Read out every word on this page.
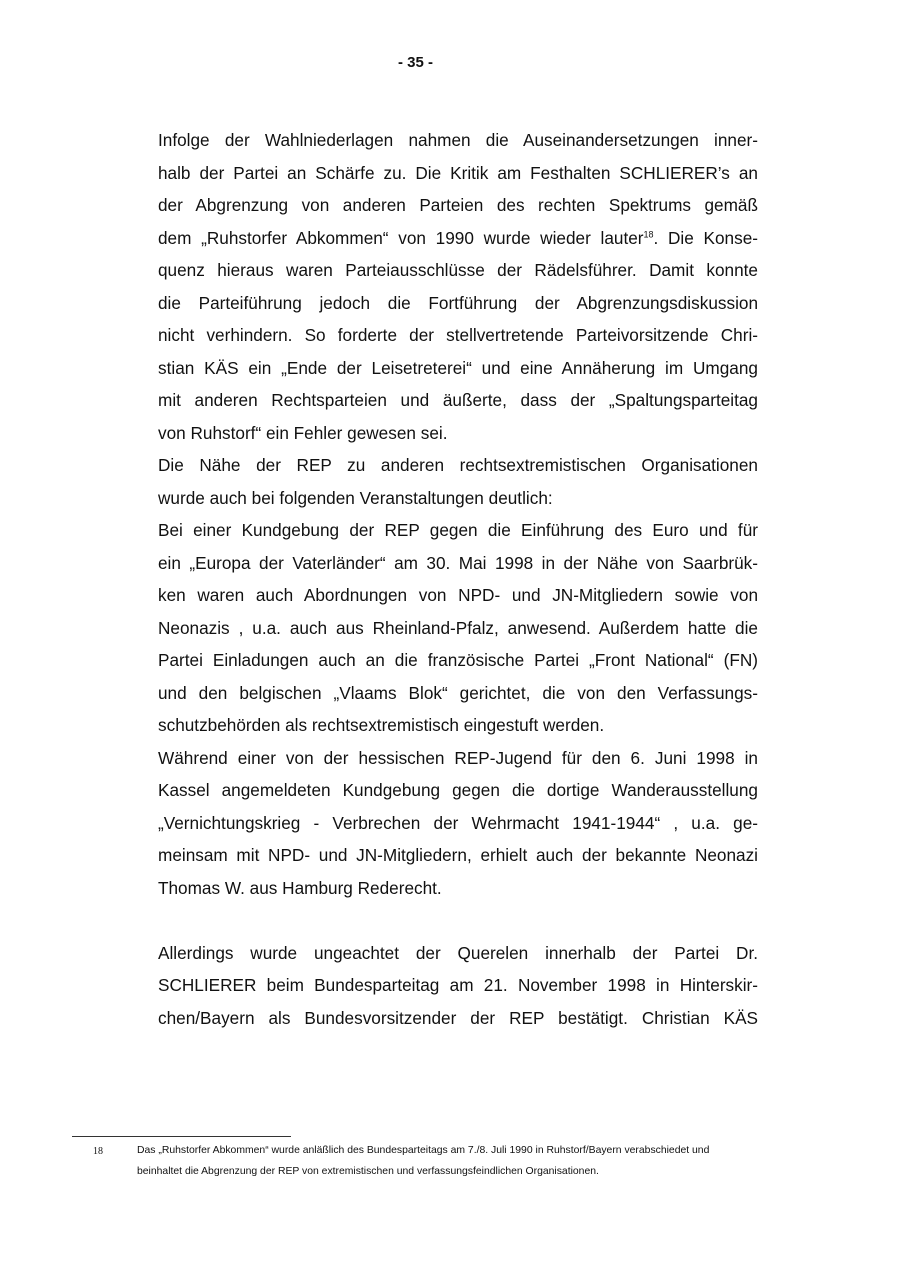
- 35 -
Infolge der Wahlniederlagen nahmen die Auseinandersetzungen inner-
halb der Partei an Schärfe zu. Die Kritik am Festhalten SCHLIERER’s an
der Abgrenzung von anderen Parteien des rechten Spektrums gemäß
dem „Ruhstorfer Abkommen“ von 1990 wurde wieder lauter$^{18}$. Die Konse-
quenz hieraus waren Parteiausschlüsse der Rädelsführer. Damit konnte
die Parteiführung jedoch die Fortführung der Abgrenzungsdiskussion
nicht verhindern. So forderte der stellvertretende Parteivorsitzende Chri-
stian KÄS ein „Ende der Leisetreterei“ und eine Annäherung im Umgang
mit anderen Rechtsparteien und äußerte, dass der „Spaltungsparteitag
von Ruhstorf“ ein Fehler gewesen sei.
Die Nähe der REP zu anderen rechtsextremistischen Organisationen
wurde auch bei folgenden Veranstaltungen deutlich:
Bei einer Kundgebung der REP gegen die Einführung des Euro und für
ein „Europa der Vaterländer“ am 30. Mai 1998 in der Nähe von Saarbrük-
ken waren auch Abordnungen von NPD- und JN-Mitgliedern sowie von
Neonazis , u.a. auch aus Rheinland-Pfalz, anwesend. Außerdem hatte die
Partei Einladungen auch an die französische Partei „Front National“ (FN)
und den belgischen „Vlaams Blok“ gerichtet, die von den Verfassungs-
schutzbehörden als rechtsextremistisch eingestuft werden.
Während einer von der hessischen REP-Jugend für den 6. Juni 1998 in
Kassel angemeldeten Kundgebung gegen die dortige Wanderausstellung
„Vernichtungskrieg - Verbrechen der Wehrmacht 1941-1944“ , u.a. ge-
meinsam mit NPD- und JN-Mitgliedern, erhielt auch der bekannte Neonazi
Thomas W. aus Hamburg Rederecht.
Allerdings wurde ungeachtet der Querelen innerhalb der Partei Dr.
SCHLIERER beim Bundesparteitag am 21. November 1998 in Hinterskir-
chen/Bayern als Bundesvorsitzender der REP bestätigt. Christian KÄS
18	Das „Ruhstorfer Abkommen“ wurde anläßlich des Bundesparteitags am 7./8. Juli 1990 in Ruhstorf/Bayern verabschiedet und
beinhaltet die Abgrenzung der REP von extremistischen und verfassungsfeindlichen Organisationen.
